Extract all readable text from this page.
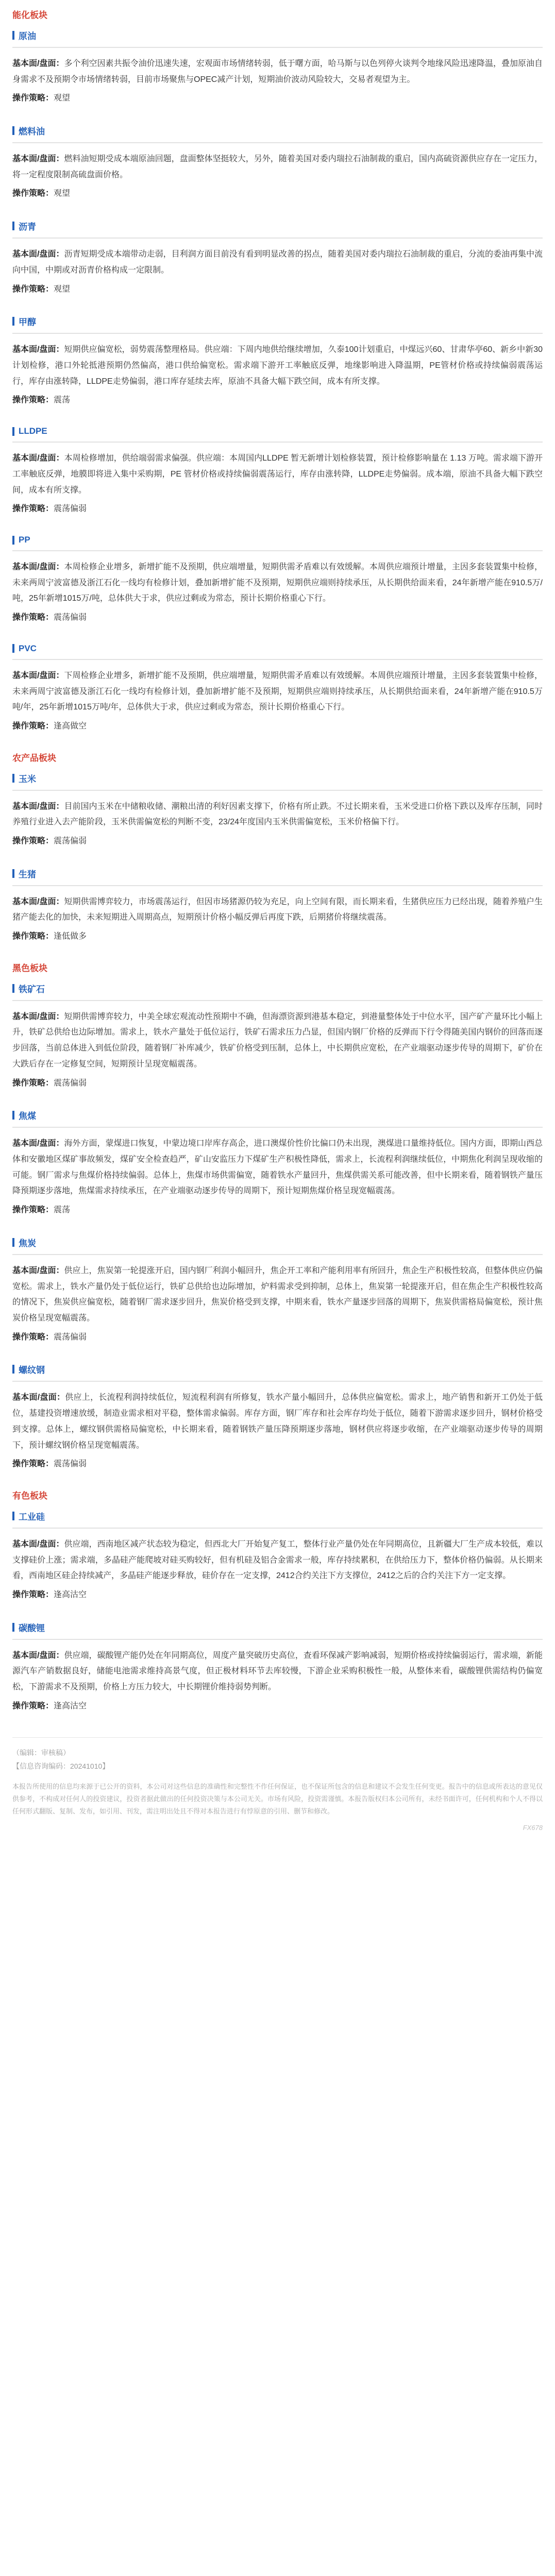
能化板块
原油

基本面/盘面：多个利空因素共振令油价迅速失速，宏观面市场情绪转弱，低于曙方面，哈马斯与以色列停火谈判令地缘风险迅速降温，叠加原油自身需求不及预期令市场情绪转弱，目前市场聚焦与OPEC减产计划，短期油价波动风险较大，交易者观望为主。

操作策略：观望

燃料油

基本面/盘面：燃料油短期受成本端原油回题，盘面整体坚挺较大，另外，随着美国对委内瑞拉石油制裁的重启，国内高硫资源供应存在一定压力，将一定程度限制高硫盘面价格。

操作策略：观望

沥青

基本面/盘面：沥青短期受成本端带动走弱，目利润方面目前没有看到明显改善的拐点，随着美国对委内瑞拉石油制裁的重启，分流的委油再集中流向中国，中期或对沥青价格构成一定限制。

操作策略：观望

甲醇

基本面/盘面：短期供应偏宽松，弱势震荡整理格局。供应端：下周内地供给继续增加，久泰100计划重启，中煤远兴60、甘肃华亭60、新乡中新30计划检修，港口外轮抵港预期仍然偏高，港口供给偏宽松。需求端下游开工率触底反弹，地缘影响进入降温期，PE管材价格或持续偏弱震荡运行，库存由涨转降，LLDPE走势偏弱，港口库存延续去库，原油不具备大幅下跌空间，成本有所支撑。

操作策略：震荡

LLDPE

基本面/盘面：本周检修增加，供给端弱需求偏强。供应端：本周国内LLDPE 暂无新增计划检修装置，预计检修影响量在 1.13 万吨。需求端下游开工率触底反弹，地膜即将进入集中采购期，PE 管材价格或持续偏弱震荡运行，库存由涨转降，LLDPE走势偏弱。成本端，原油不具备大幅下跌空间，成本有所支撑。

操作策略：震荡偏弱

PP

基本面/盘面：本周检修企业增多，新增扩能不及预期，供应端增量，短期供需矛盾难以有效缓解。本周供应端预计增量，主因多套装置集中检修，未来两周宁波富德及浙江石化一线均有检修计划，叠加新增扩能不及预期，短期供应端则持续承压，从长期供给面来看，24年新增产能在910.5万/吨，25年新增1015万/吨，总体供大于求，供应过剩或为常态，预计长期价格重心下行。

操作策略：震荡偏弱

PVC

基本面/盘面：下周检修企业增多，新增扩能不及预期，供应端增量，短期供需矛盾难以有效缓解。本周供应端预计增量，主因多套装置集中检修，未来两周宁波富德及浙江石化一线均有检修计划，叠加新增扩能不及预期，短期供应端则持续承压，从长期供给面来看，24年新增产能在910.5万吨/年，25年新增1015万吨/年，总体供大于求，供应过剩或为常态，预计长期价格重心下行。

操作策略：逢高做空

农产品板块
玉米

基本面/盘面：目前国内玉米在中储粮收储、潮粮出清的利好因素支撑下，价格有所止跌。不过长期来看，玉米受进口价格下跌以及库存压制，同时养殖行业进入去产能阶段，玉米供需偏宽松的判断不变，23/24年度国内玉米供需偏宽松，玉米价格偏下行。

操作策略：震荡偏弱

生猪

基本面/盘面：短期供需博弈较力，市场震荡运行，但因市场猪源仍较为充足，向上空间有限，而长期来看，生猪供应压力已经出现，随着养殖户生猪产能去化的加快，未来短期进入周期高点，短期预计价格小幅反弹后再度下跌，后期猪价将继续震荡。

操作策略：逢低做多

黑色板块
铁矿石

基本面/盘面：短期供需博弈较力，中美全球宏观流动性预期中不确，但海漂资源到港基本稳定，到港量整体处于中位水平，国产矿产量环比小幅上升，铁矿总供给也边际增加。需求上，铁水产量处于低位运行，铁矿石需求压力凸显，但国内钢厂价格的反弹而下行令得随美国内钢价的回落而逐步回落，当前总体进入到低位阶段，随着钢厂补库减少，铁矿价格受到压制，总体上，中长期供应宽松，在产业端驱动逐步传导的周期下，矿价在大跌后存在一定修复空间，短期预计呈现宽幅震荡。

操作策略：震荡偏弱

焦煤

基本面/盘面：海外方面，蒙煤进口恢复，中蒙边境口岸库存高企，进口澳煤价性价比偏口仍未出现，澳煤进口量维持低位。国内方面，即期山西总体和安徽地区煤矿事故频发，煤矿安全检查趋严，矿山安监压力下煤矿生产积极性降低，需求上，长流程利润继续低位，中期焦化利润呈现收缩的可能。钢厂需求与焦煤价格持续偏弱。总体上，焦煤市场供需偏宽，随着铁水产量回升，焦煤供需关系可能改善，但中长期来看，随着钢铁产量压降预期逐步落地，焦煤需求持续承压，在产业端驱动逐步传导的周期下，预计短期焦煤价格呈现宽幅震荡。

操作策略：震荡

焦炭

基本面/盘面：供应上，焦炭第一轮提涨开启，国内钢厂利润小幅回升，焦企开工率和产能利用率有所回升，焦企生产积极性较高，但整体供应仍偏宽松。需求上，铁水产量仍处于低位运行，铁矿总供给也边际增加，炉料需求受到抑制，总体上，焦炭第一轮提涨开启，但在焦企生产积极性较高的情况下，焦炭供应偏宽松，随着钢厂需求逐步回升，焦炭价格受到支撑，中期来看，铁水产量逐步回落的周期下，焦炭供需格局偏宽松，预计焦炭价格呈现宽幅震荡。

操作策略：震荡偏弱

螺纹钢

基本面/盘面：供应上，长流程利润持续低位，短流程利润有所修复，铁水产量小幅回升，总体供应偏宽松。需求上，地产销售和新开工仍处于低位，基建投资增速放缓，制造业需求相对平稳，整体需求偏弱。库存方面，钢厂库存和社会库存均处于低位，随着下游需求逐步回升，钢材价格受到支撑。总体上，螺纹钢供需格局偏宽松，中长期来看，随着钢铁产量压降预期逐步落地，钢材供应将逐步收缩，在产业端驱动逐步传导的周期下，预计螺纹钢价格呈现宽幅震荡。

操作策略：震荡偏弱

有色板块
工业硅

基本面/盘面：供应端，西南地区减产状态较为稳定，但西北大厂开始复产复工，整体行业产量仍处在年同期高位，且新疆大厂生产成本较低，难以支撑硅价上涨；需求端，多晶硅产能爬坡对硅买购较好，但有机硅及铝合金需求一般，库存持续累积，在供给压力下，整体价格仍偏弱。从长期来看，西南地区硅企持续减产，多晶硅产能逐步释放，硅价存在一定支撑，2412合约关注下方支撑位，2412之后的合约关注下方一定支撑。

操作策略：逢高沽空

碳酸锂

基本面/盘面：供应端，碳酸锂产能仍处在年同期高位，周度产量突破历史高位，查看环保减产影响减弱，短期价格或持续偏弱运行，需求端，新能源汽车产销数据良好，储能电池需求维持高景气度，但正极材料环节去库较慢，下游企业采购积极性一般，从整体来看，碳酸锂供需结构仍偏宽松，下游需求不及预期，价格上方压力较大，中长期锂价维持弱势判断。

操作策略：逢高沽空

（编辑：审核稿）
【信息咨询编码：20241010】

本报告所使用的信息均来源于已公开的资料，本公司对这些信息的准确性和完整性不作任何保证，也不保证所包含的信息和建议不会发生任何变更。报告中的信息或所表达的意见仅供参考，不构成对任何人的投资建议，投资者据此做出的任何投资决策与本公司无关。市场有风险，投资需谨慎。本报告版权归本公司所有，未经书面许可，任何机构和个人不得以任何形式翻版、复制、发布，如引用、刊发，需注明出处且不得对本报告进行有悖原意的引用、删节和修改。

FX678
